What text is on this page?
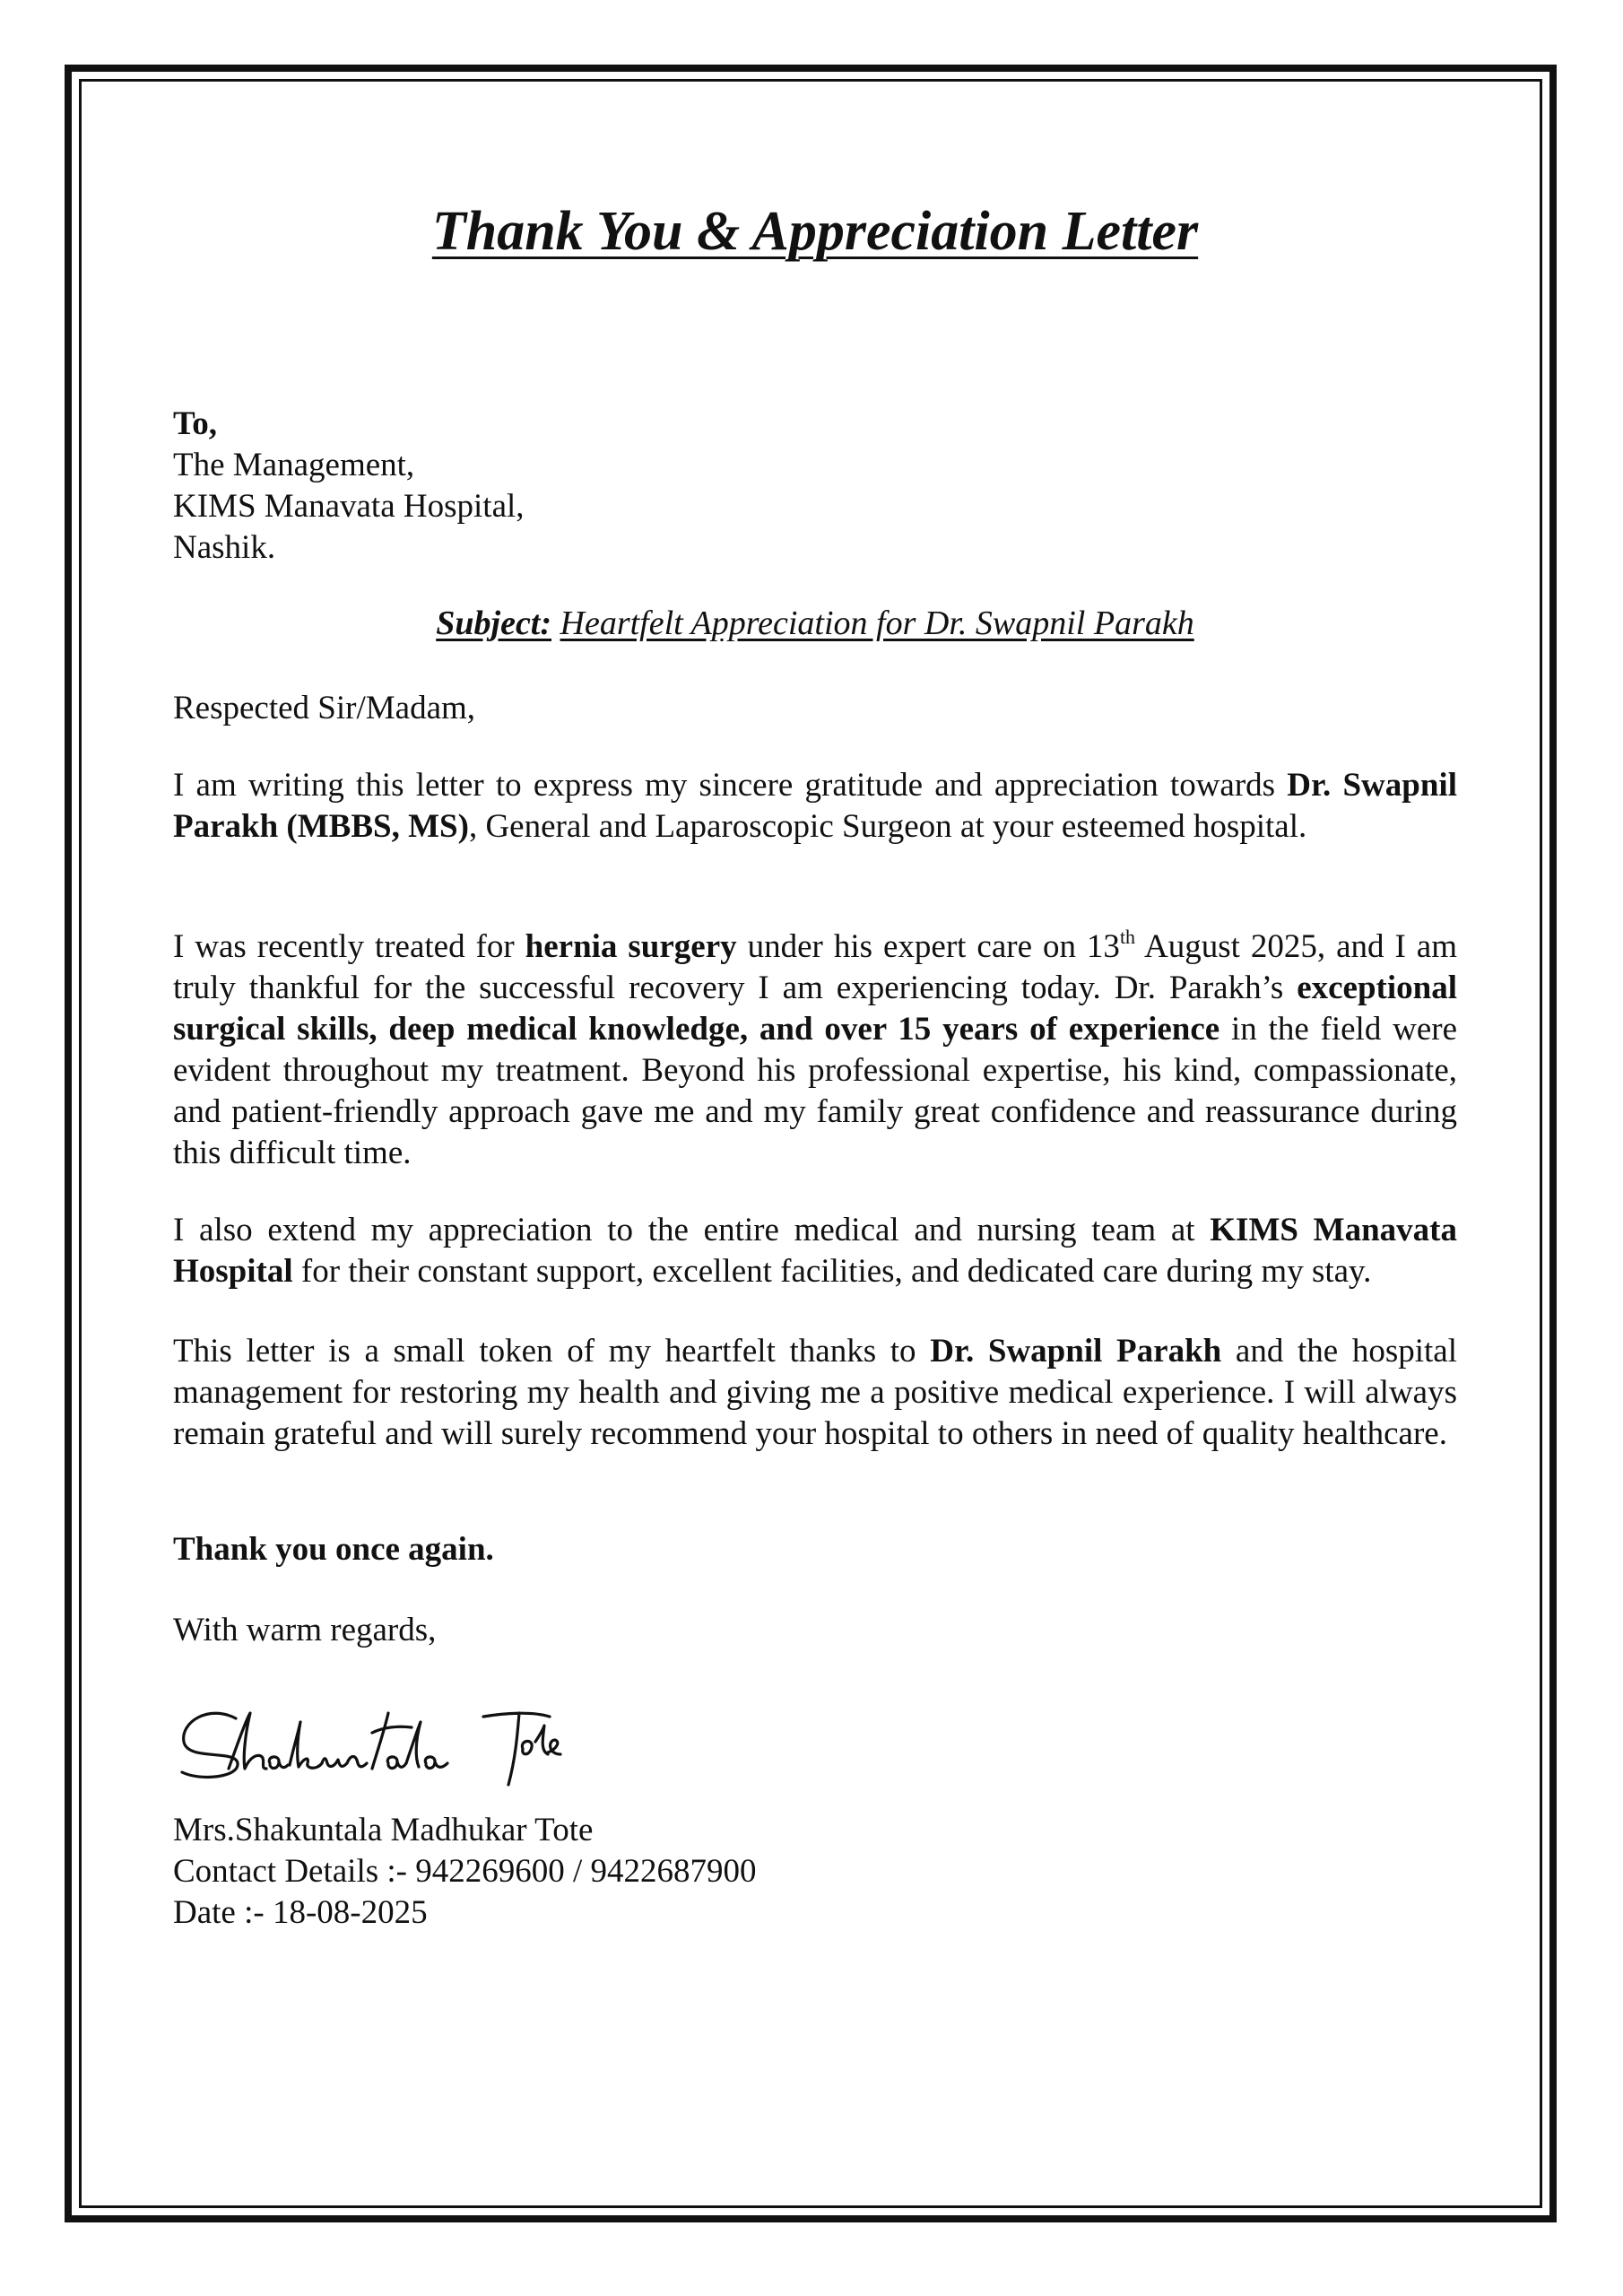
Thank You & Appreciation Letter
To,
The Management,
KIMS Manavata Hospital,
Nashik.
Subject: Heartfelt Appreciation for Dr. Swapnil Parakh
Respected Sir/Madam,

I am writing this letter to express my sincere gratitude and appreciation towards Dr. Swapnil Parakh (MBBS, MS), General and Laparoscopic Surgeon at your esteemed hospital.

I was recently treated for hernia surgery under his expert care on 13th August 2025, and I am truly thankful for the successful recovery I am experiencing today. Dr. Parakh’s exceptional surgical skills, deep medical knowledge, and over 15 years of experience in the field were evident throughout my treatment. Beyond his professional expertise, his kind, compassionate, and patient-friendly approach gave me and my family great confidence and reassurance during this difficult time.

I also extend my appreciation to the entire medical and nursing team at KIMS Manavata Hospital for their constant support, excellent facilities, and dedicated care during my stay.

This letter is a small token of my heartfelt thanks to Dr. Swapnil Parakh and the hospital management for restoring my health and giving me a positive medical experience. I will always remain grateful and will surely recommend your hospital to others in need of quality healthcare.

Thank you once again.
With warm regards,
Mrs.Shakuntala Madhukar Tote
Contact Details :- 942269600 / 9422687900
Date :- 18-08-2025
